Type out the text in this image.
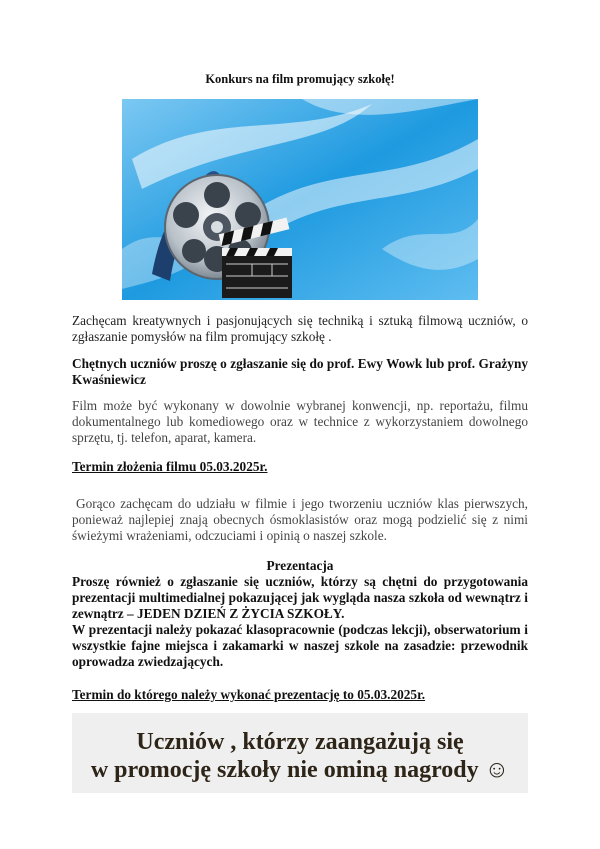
Konkurs na film promujący szkołę!
Zachęcam kreatywnych i pasjonujących się techniką i sztuką filmową uczniów, o zgłaszanie pomysłów na film promujący szkołę .
Chętnych uczniów proszę o zgłaszanie się do prof. Ewy Wowk lub prof. Grażyny Kwaśniewicz
Film może być wykonany w dowolnie wybranej konwencji, np. reportażu, filmu dokumentalnego lub komediowego oraz w technice z wykorzystaniem dowolnego sprzętu, tj. telefon, aparat, kamera.
Termin złożenia filmu 05.03.2025r.
Gorąco zachęcam do udziału w filmie i jego tworzeniu uczniów klas pierwszych, ponieważ najlepiej znają obecnych ósmoklasistów oraz mogą podzielić się z nimi świeżymi wrażeniami, odczuciami i opinią o naszej szkole.
Prezentacja
Proszę również o zgłaszanie się uczniów, którzy są chętni do przygotowania prezentacji multimedialnej pokazującej jak wygląda nasza szkoła od wewnątrz i zewnątrz – JEDEN DZIEŃ Z ŻYCIA SZKOŁY.
W prezentacji należy pokazać klasopracownie (podczas lekcji), obserwatorium i wszystkie fajne miejsca i zakamarki w naszej szkole na zasadzie: przewodnik oprowadza zwiedzających.
Termin do którego należy wykonać prezentację to 05.03.2025r.
Uczniów , którzy zaangażują się
w promocję szkoły nie ominą nagrody ☺
